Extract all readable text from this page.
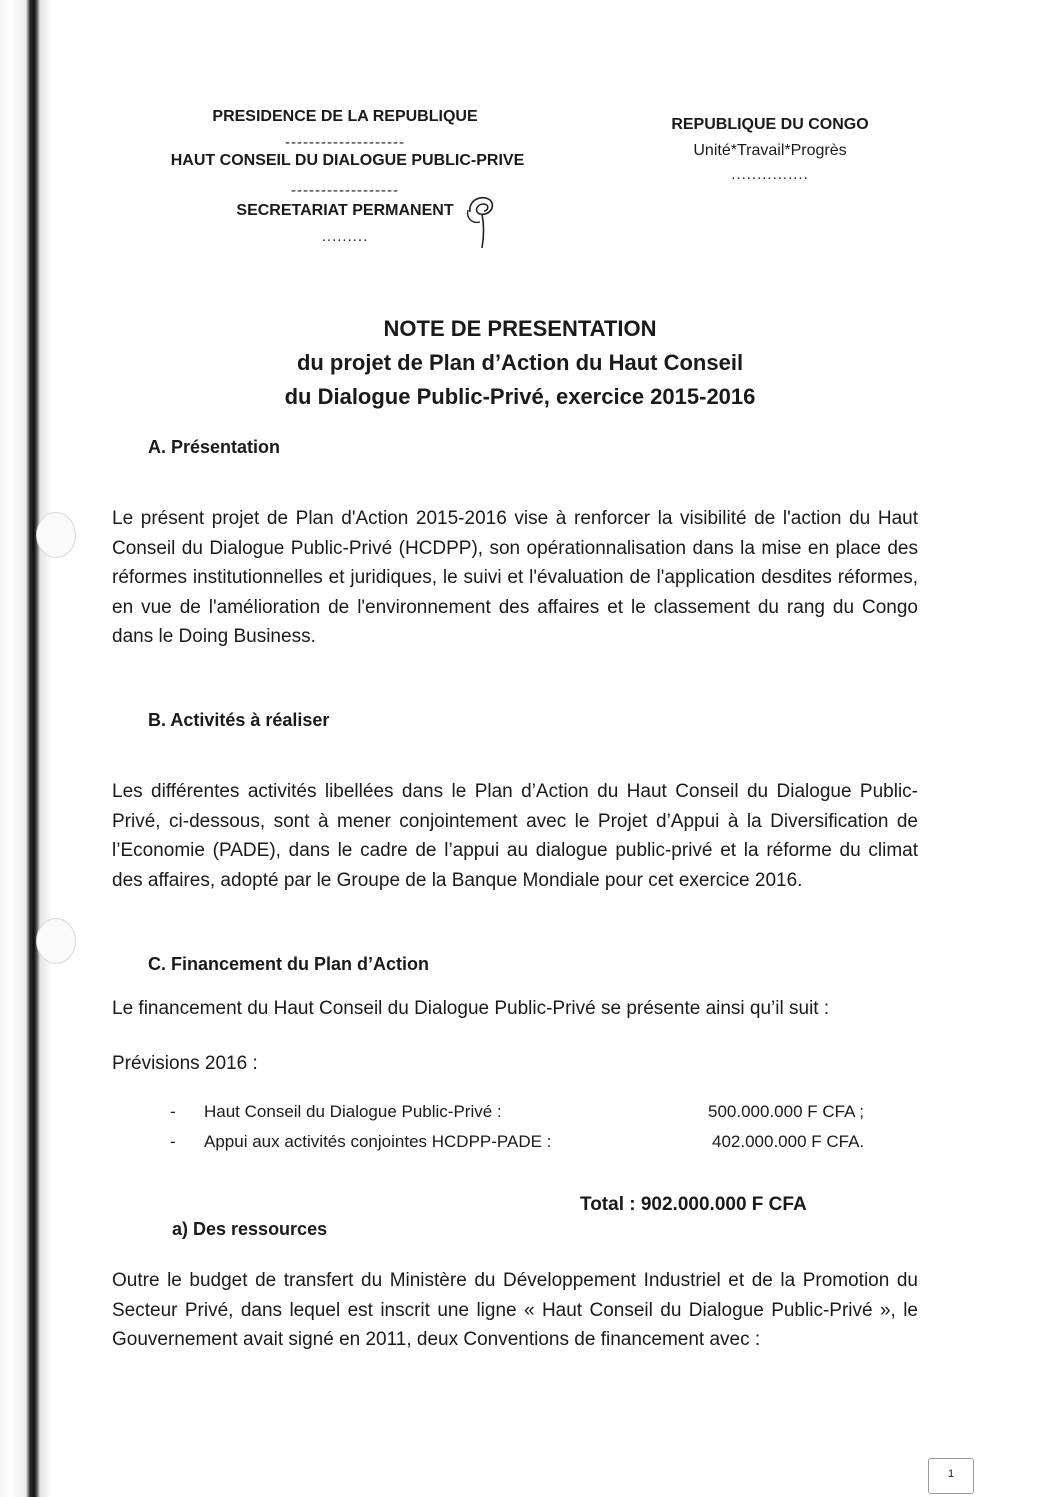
PRESIDENCE DE LA REPUBLIQUE
--------------------
HAUT CONSEIL DU DIALOGUE PUBLIC-PRIVE
------------------
SECRETARIAT PERMANENT
.........
REPUBLIQUE DU CONGO
Unité*Travail*Progrès
...............
NOTE DE PRESENTATION
du projet de Plan d’Action du Haut Conseil
du Dialogue Public-Privé, exercice 2015-2016
A. Présentation
Le présent projet de Plan d'Action 2015-2016 vise à renforcer la visibilité de l'action du Haut Conseil du Dialogue Public-Privé (HCDPP), son opérationnalisation dans la mise en place des réformes institutionnelles et juridiques, le suivi et l'évaluation de l'application desdites réformes, en vue de l'amélioration de l'environnement des affaires et le classement du rang du Congo dans le Doing Business.
B. Activités à réaliser
Les différentes activités libellées dans le Plan d’Action du Haut Conseil du Dialogue Public-Privé, ci-dessous, sont à mener conjointement avec le Projet d’Appui à la Diversification de l’Economie (PADE), dans le cadre de l’appui au dialogue public-privé et la réforme du climat des affaires, adopté par le Groupe de la Banque Mondiale pour cet exercice 2016.
C. Financement du Plan d’Action
Le financement du Haut Conseil du Dialogue Public-Privé se présente ainsi qu’il suit :
Prévisions 2016 :
- Haut Conseil du Dialogue Public-Privé :	500.000.000 F CFA ;
- Appui aux activités conjointes HCDPP-PADE :	402.000.000 F CFA.
Total : 902.000.000 F CFA
a) Des ressources
Outre le budget de transfert du Ministère du Développement Industriel et de la Promotion du Secteur Privé, dans lequel est inscrit une ligne « Haut Conseil du Dialogue Public-Privé », le Gouvernement avait signé en 2011, deux Conventions de financement avec :
1
